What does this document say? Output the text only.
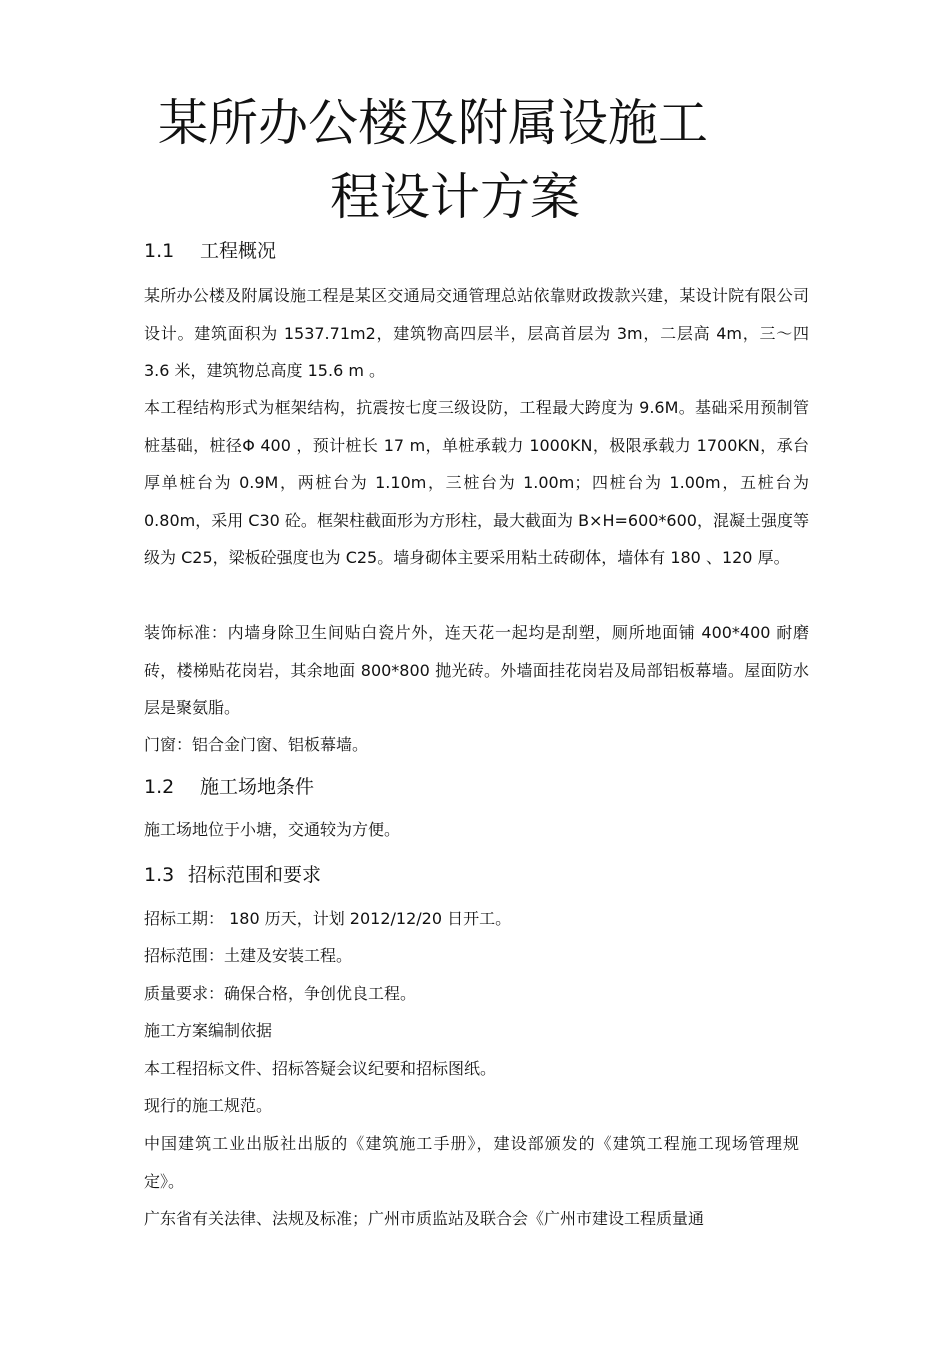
某所办公楼及附属设施工
程设计方案
1.1 工程概况
某所办公楼及附属设施工程是某区交通局交通管理总站依靠财政拨款兴建，某设计院有限公司设计。建筑面积为 1537.71m2，建筑物高四层半，层高首层为 3m，二层高 4m，三～四 3.6 米，建筑物总高度 15.6 m 。
本工程结构形式为框架结构，抗震按七度三级设防，工程最大跨度为 9.6M。基础采用预制管桩基础，桩径Φ 400 ，预计桩长 17 m，单桩承载力 1000KN，极限承载力 1700KN，承台厚单桩台为 0.9M，两桩台为 1.10m，三桩台为 1.00m；四桩台为 1.00m，五桩台为 0.80m，采用 C30 砼。框架柱截面形为方形柱，最大截面为 B×H=600*600，混凝土强度等级为 C25，梁板砼强度也为 C25。墙身砌体主要采用粘土砖砌体，墙体有 180 、120 厚。
装饰标准：内墙身除卫生间贴白瓷片外，连天花一起均是刮塑，厕所地面铺 400*400 耐磨砖，楼梯贴花岗岩，其余地面 800*800 抛光砖。外墙面挂花岗岩及局部铝板幕墙。屋面防水层是聚氨脂。
门窗：铝合金门窗、铝板幕墙。
1.2 施工场地条件
施工场地位于小塘，交通较为方便。
1.3 招标范围和要求
招标工期： 180 历天，计划 2012/12/20 日开工。
招标范围：土建及安装工程。
质量要求：确保合格，争创优良工程。
施工方案编制依据
本工程招标文件、招标答疑会议纪要和招标图纸。
现行的施工规范。
中国建筑工业出版社出版的《建筑施工手册》，建设部颁发的《建筑工程施工现场管理规定》。
广东省有关法律、法规及标准；广州市质监站及联合会《广州市建设工程质量通
